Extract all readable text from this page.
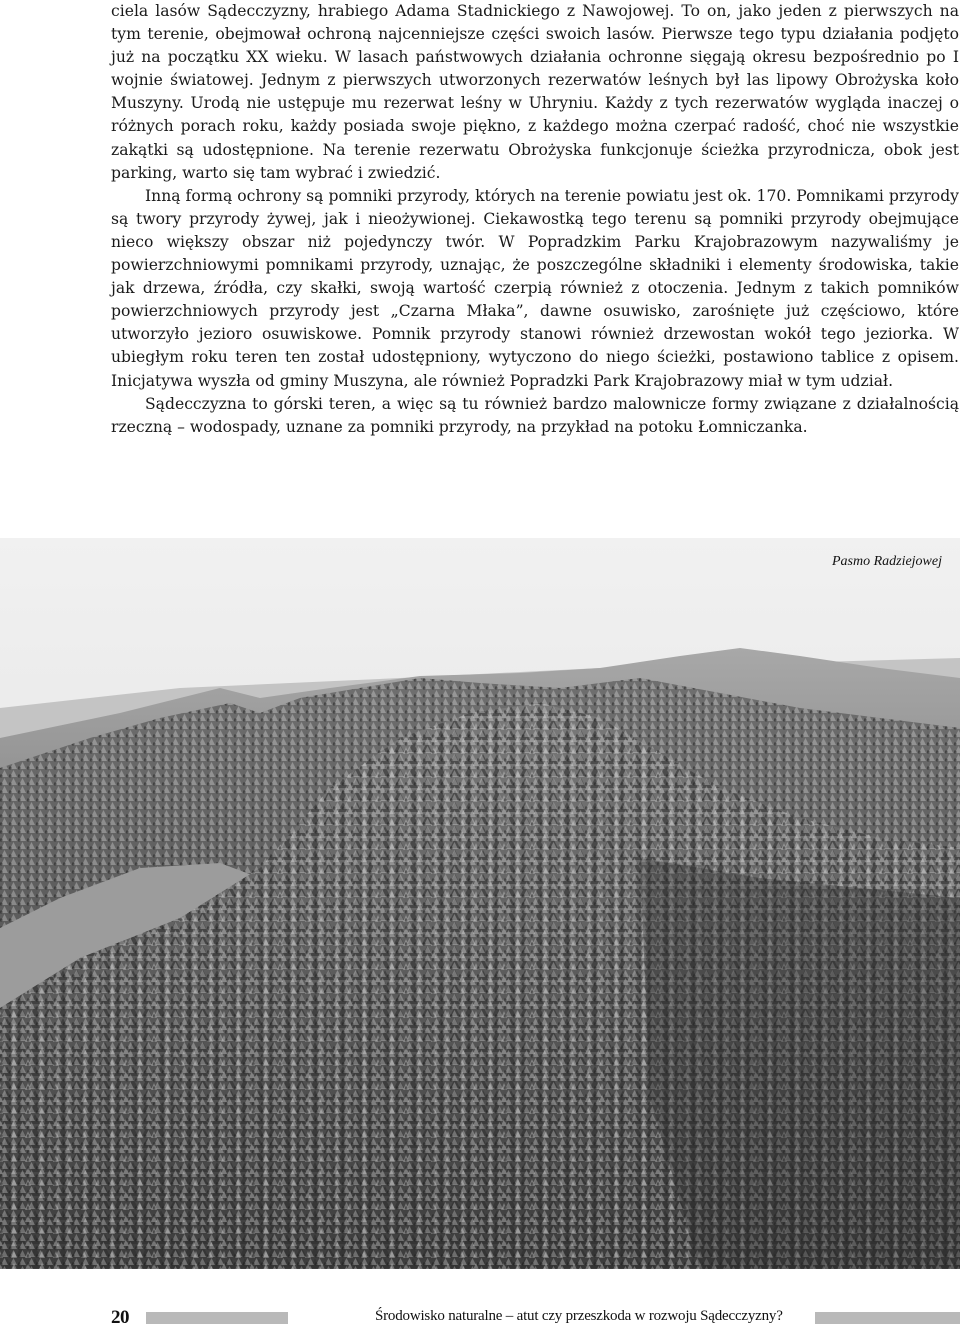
ciela lasów Sądecczyzny, hrabiego Adama Stadnickiego z Nawojowej. To on, jako jeden z pierwszych na tym terenie, obejmował ochroną najcenniejsze części swoich lasów. Pierwsze tego typu działania podjęto już na początku XX wieku. W lasach państwowych działania ochronne sięgają okresu bezpośrednio po I wojnie światowej. Jednym z pierwszych utworzonych rezerwatów leśnych był las lipowy Obrożyska koło Muszyny. Urodą nie ustępuje mu rezerwat leśny w Uhryniu. Każdy z tych rezerwatów wygląda inaczej o różnych porach roku, każdy posiada swoje piękno, z każdego można czerpać radość, choć nie wszystkie zakątki są udostępnione. Na terenie rezerwatu Obrożyska funkcjonuje ścieżka przyrodnicza, obok jest parking, warto się tam wybrać i zwiedzić.

Inną formą ochrony są pomniki przyrody, których na terenie powiatu jest ok. 170. Pomnikami przyrody są twory przyrody żywej, jak i nieożywionej. Ciekawostką tego terenu są pomniki przyrody obejmujące nieco większy obszar niż pojedynczy twór. W Popradzkim Parku Krajobrazowym nazywaliśmy je powierzchniowymi pomnikami przyrody, uznając, że poszczególne składniki i elementy środowiska, takie jak drzewa, źródła, czy skałki, swoją wartość czerpią również z otoczenia. Jednym z takich pomników powierzchniowych przyrody jest „Czarna Młaka”, dawne osuwisko, zarośnięte już częściowo, które utworzyło jezioro osuwiskowe. Pomnik przyrody stanowi również drzewostan wokół tego jeziorka. W ubiegłym roku teren ten został udostępniony, wytyczono do niego ścieżki, postawiono tablice z opisem. Inicjatywa wyszła od gminy Muszyna, ale również Popradzki Park Krajobrazowy miał w tym udział.

Sądecczyzna to górski teren, a więc są tu również bardzo malownicze formy związane z działalnością rzeczną – wodospady, uznane za pomniki przyrody, na przykład na potoku Łomniczanka.

Pasmo Radziejowej
20	Środowisko naturalne – atut czy przeszkoda w rozwoju Sądecczyzny?
